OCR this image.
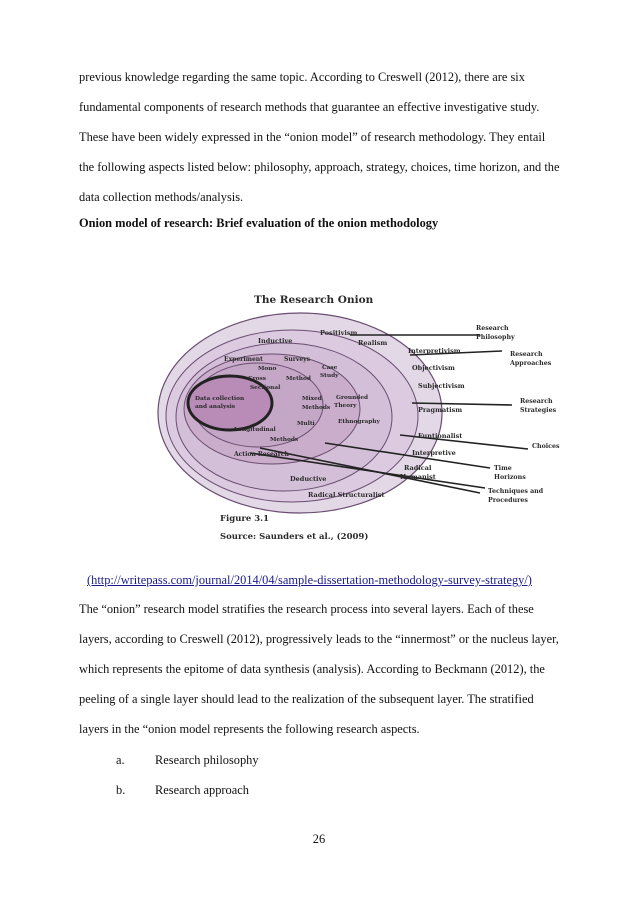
previous knowledge regarding the same topic. According to Creswell (2012), there are six fundamental components of research methods that guarantee an effective investigative study. These have been widely expressed in the “onion model” of research methodology. They entail the following aspects listed below: philosophy, approach, strategy, choices, time horizon, and the data collection methods/analysis.

Onion model of research: Brief evaluation of the onion methodology

The Research Onion
Positivism
Realism
Inductive
Interpretivism
Objectivism
Subjectivism
Pragmatism
Funtionalist
Interpretive
Radical
Humanist
Radical Structuralist
Deductive
Experiment	Surveys
Case
Study
Mono
Method
Cross
Sectional
Mixed
Methods
Grounded
Theory
Ethnography
Multi
Methods
Longitudinal
Action Research
Data collection
and analysis
Research
Philosophy
Research
Approaches
Research
Strategies
Choices
Time
Horizons
Techniques and
Procedures
Figure 3.1
Source: Saunders et al., (2009)
(http://writepass.com/journal/2014/04/sample-dissertation-methodology-survey-strategy/)

The “onion” research model stratifies the research process into several layers. Each of these layers, according to Creswell (2012), progressively leads to the “innermost” or the nucleus layer, which represents the epitome of data synthesis (analysis). According to Beckmann (2012), the peeling of a single layer should lead to the realization of the subsequent layer. The stratified layers in the “onion model represents the following research aspects.

a.	Research philosophy
b.	Research approach
26
